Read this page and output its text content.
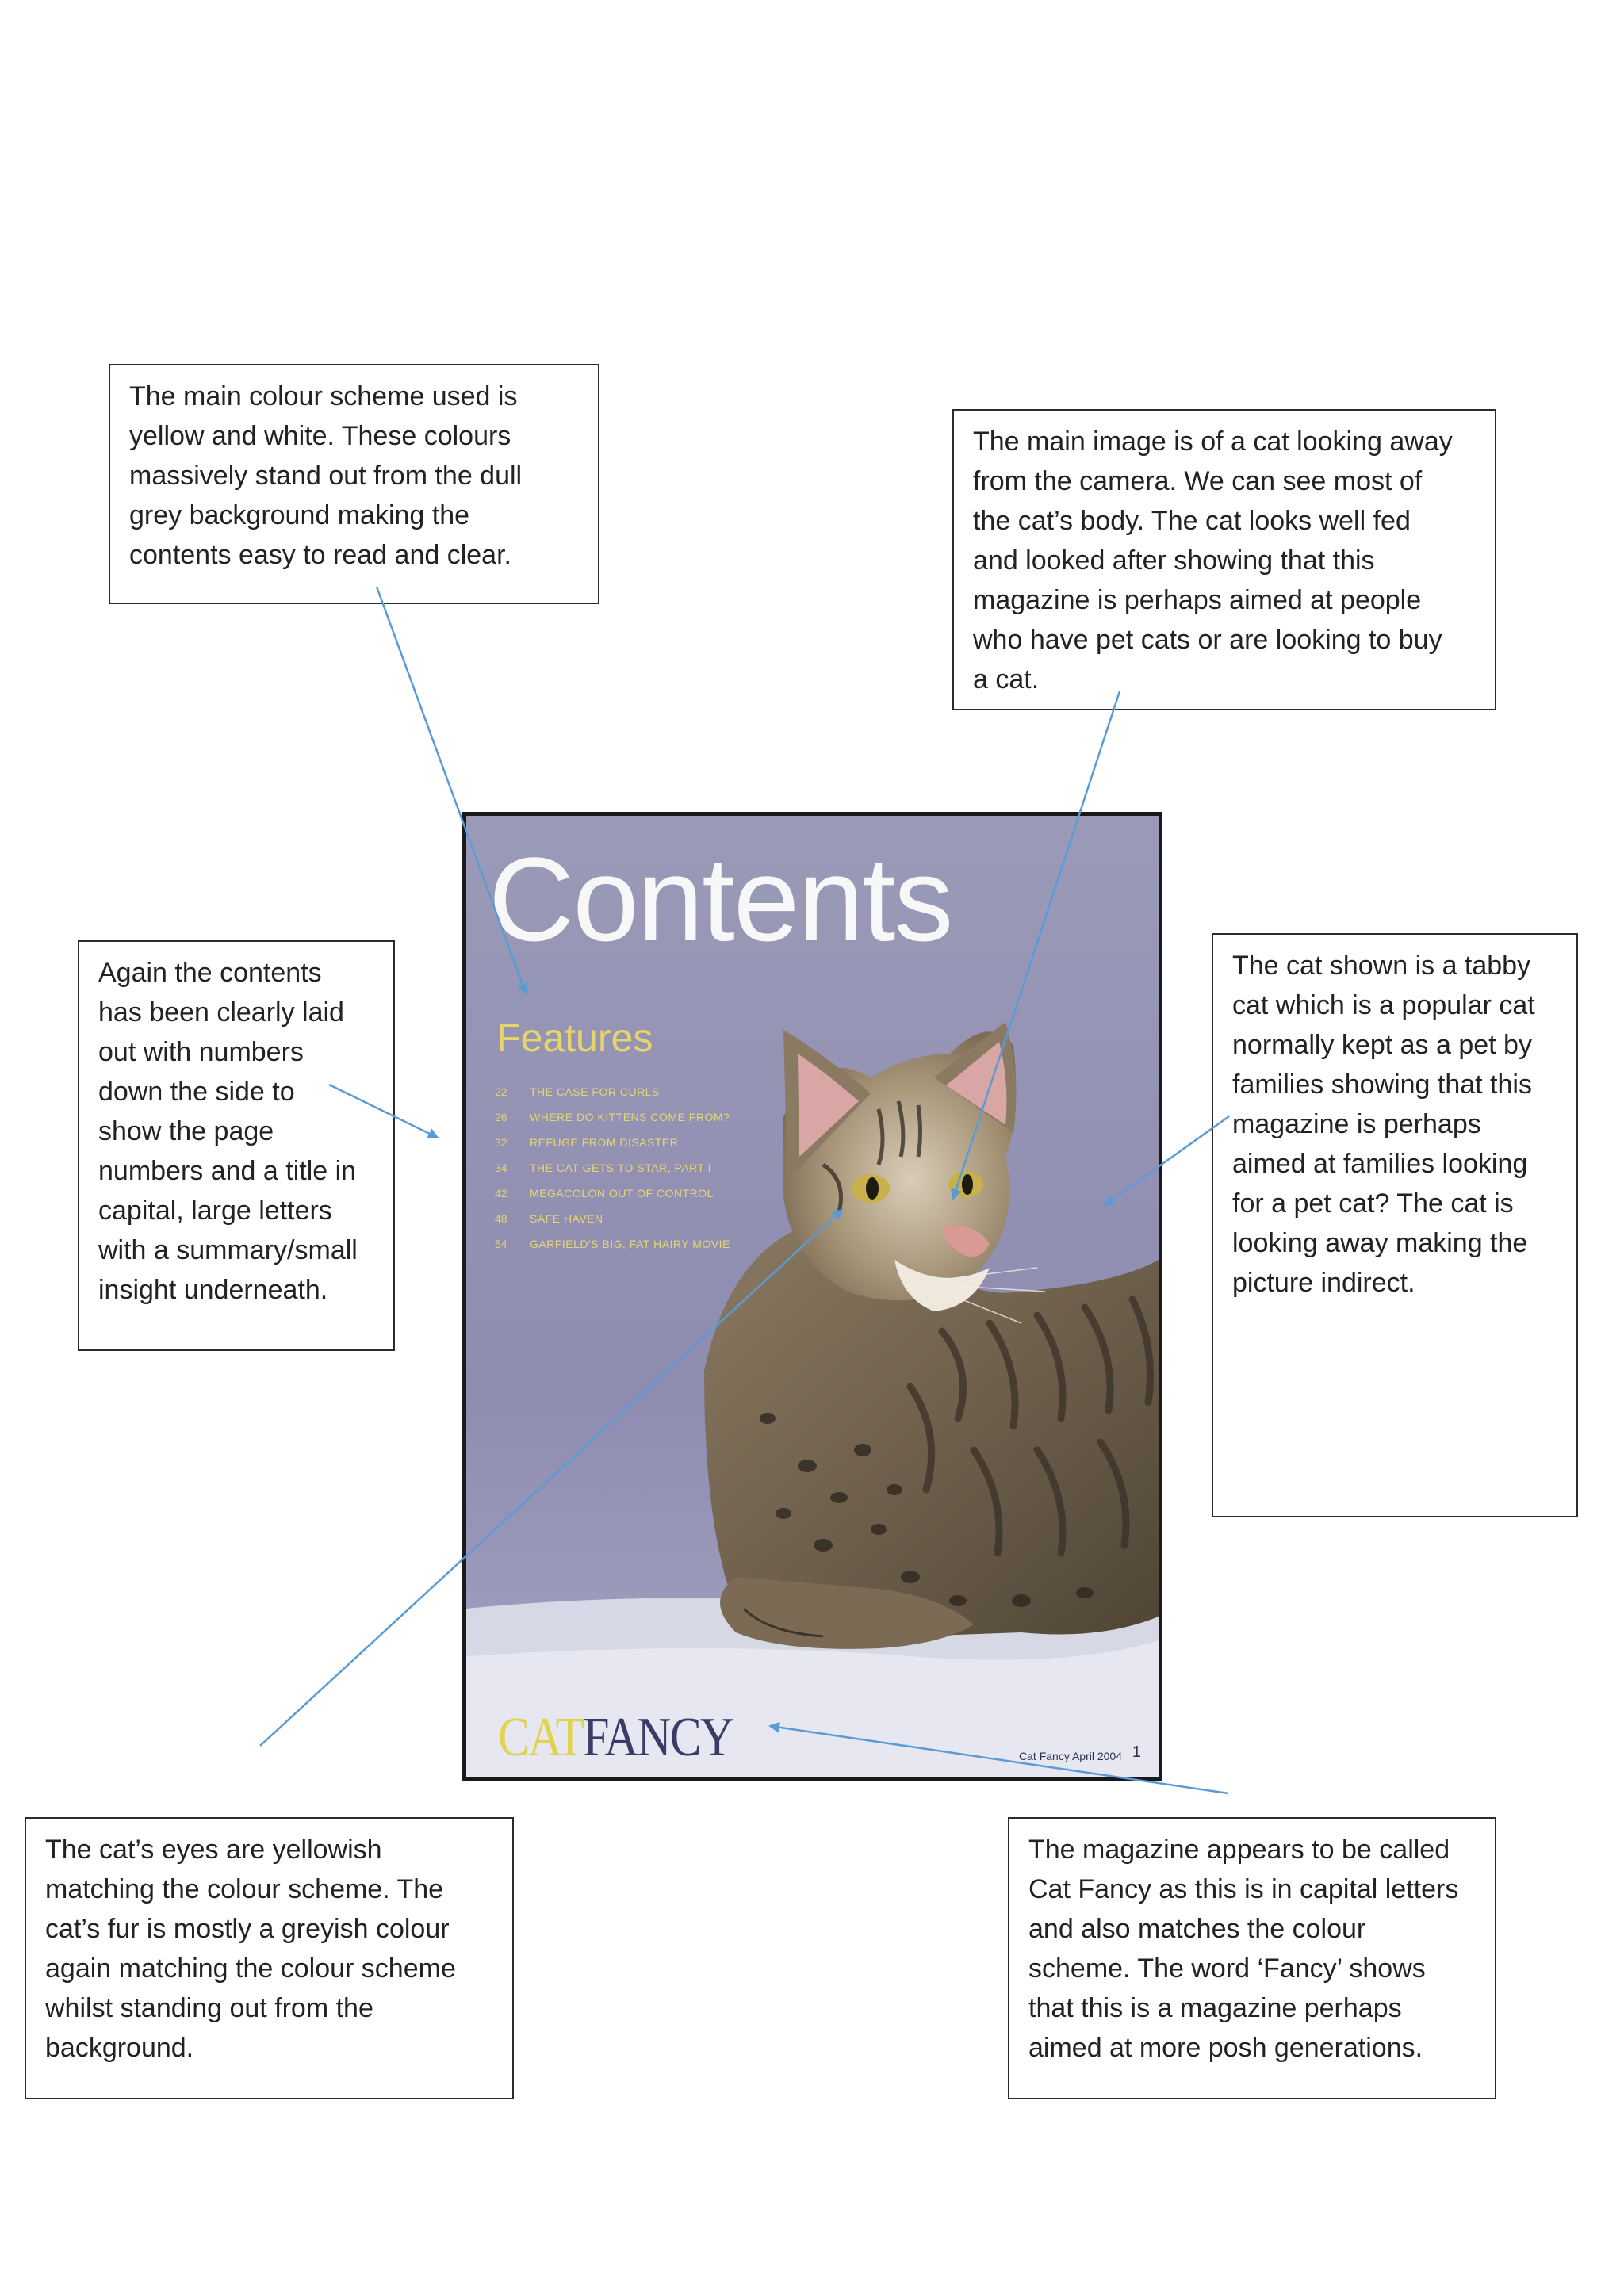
The main colour scheme used is
yellow and white. These colours
massively stand out from the dull
grey background making the
contents easy to read and clear.

The main image is of a cat looking away
from the camera. We can see most of
the cat’s body. The cat looks well fed
and looked after showing that this
magazine is perhaps aimed at people
who have pet cats or are looking to buy
a cat.

Again the contents
has been clearly laid
out with numbers
down the side to
show the page
numbers and a title in
capital, large letters
with a summary/small
insight underneath.

The cat shown is a tabby
cat which is a popular cat
normally kept as a pet by
families showing that this
magazine is perhaps
aimed at families looking
for a pet cat? The cat is
looking away making the
picture indirect.

The cat’s eyes are yellowish
matching the colour scheme. The
cat’s fur is mostly a greyish colour
again matching the colour scheme
whilst standing out from the
background.

The magazine appears to be called
Cat Fancy as this is in capital letters
and also matches the colour
scheme. The word ‘Fancy’ shows
that this is a magazine perhaps
aimed at more posh generations.

Contents
Features
22 THE CASE FOR CURLS
26 WHERE DO KITTENS COME FROM?
32 REFUGE FROM DISASTER
34 THE CAT GETS TO STAR, PART I
42 MEGACOLON OUT OF CONTROL
48 SAFE HAVEN
54 GARFIELD'S BIG, FAT HAIRY MOVIE
CATFANCY	Cat Fancy April 2004 1
